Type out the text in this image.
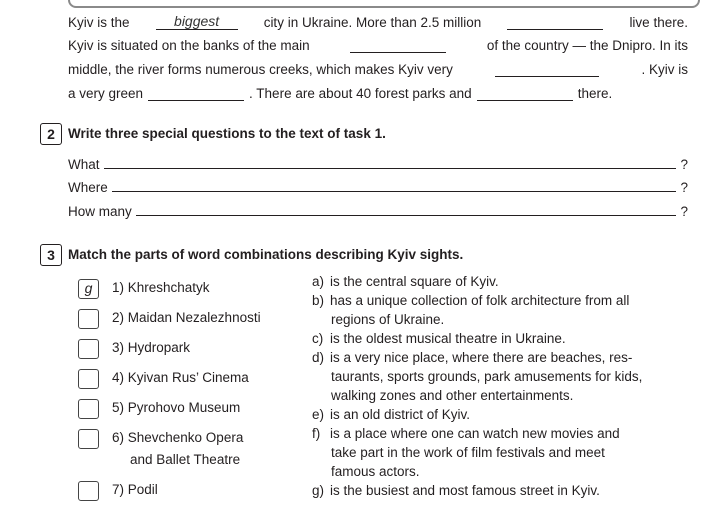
Kyiv is the	biggest	city in Ukraine. More than 2.5 million	live there.
Kyiv is situated on the banks of the main	of the country — the Dnipro. In its
middle, the river forms numerous creeks, which makes Kyiv very	. Kyiv is
a very green	. There are about 40 forest parks and	there.
2 Write three special questions to the text of task 1.
What	?
Where	?
How many	?
3 Match the parts of word combinations describing Kyiv sights.
g	1) Khreshchatyk
2) Maidan Nezalezhnosti
3) Hydropark
4) Kyivan Rus’ Cinema
5) Pyrohovo Museum
6) Shevchenko Opera
and Ballet Theatre
7) Podil
a) is the central square of Kyiv.
b) has a unique collection of folk architecture from all
regions of Ukraine.
c) is the oldest musical theatre in Ukraine.
d) is a very nice place, where there are beaches, res-
taurants, sports grounds, park amusements for kids,
walking zones and other entertainments.
e) is an old district of Kyiv.
f) is a place where one can watch new movies and
take part in the work of film festivals and meet
famous actors.
g) is the busiest and most famous street in Kyiv.
